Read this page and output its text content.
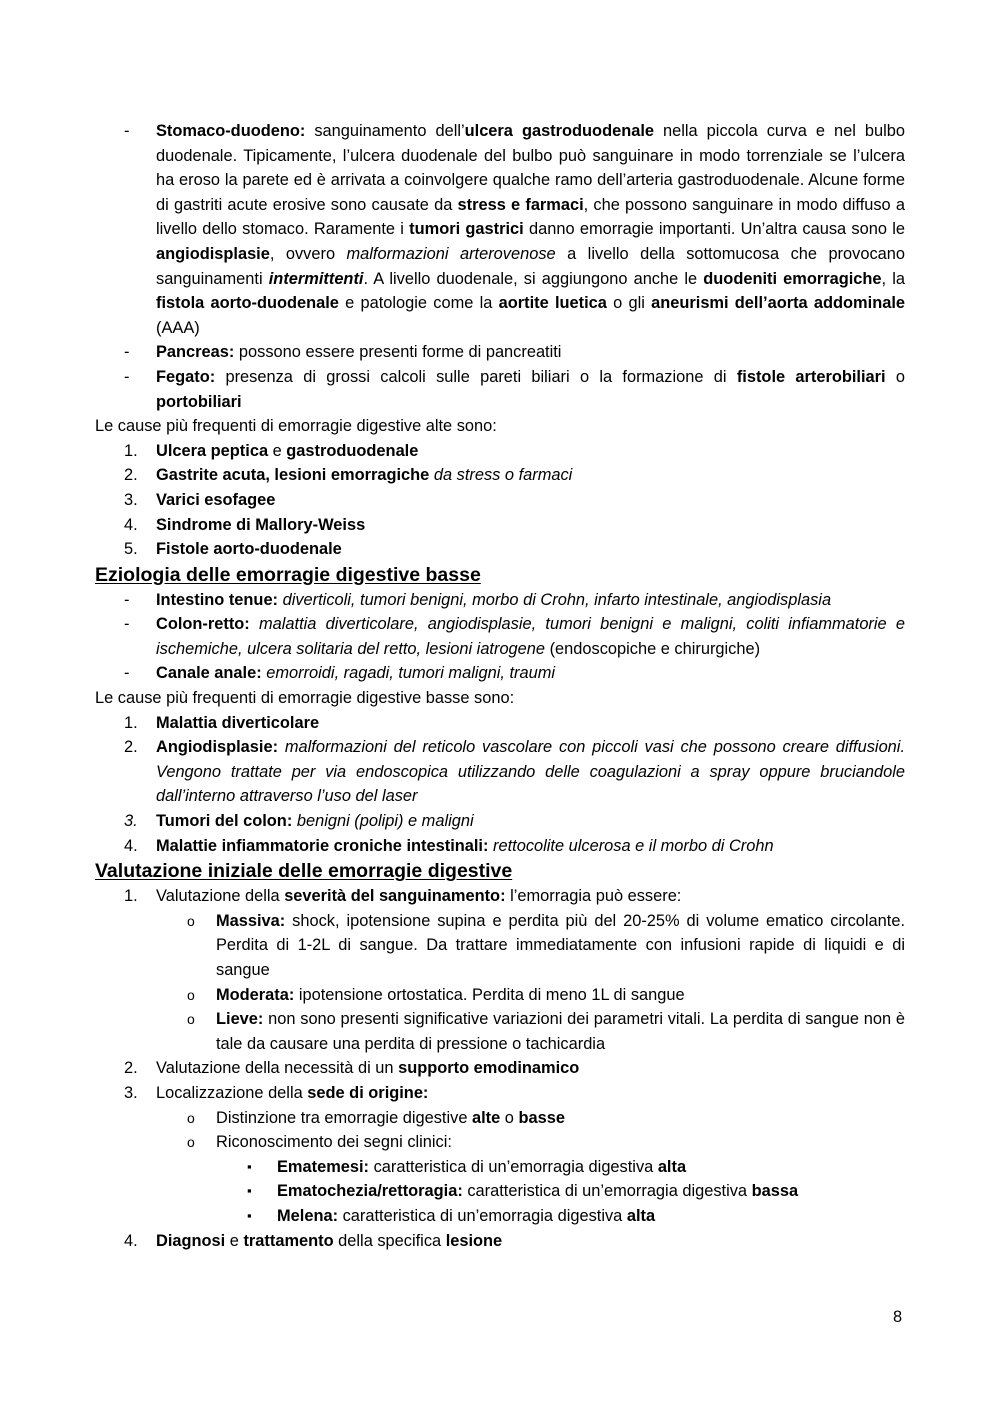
- Stomaco-duodeno: sanguinamento dell’ulcera gastroduodenale nella piccola curva e nel bulbo duodenale. Tipicamente, l’ulcera duodenale del bulbo può sanguinare in modo torrenziale se l’ulcera ha eroso la parete ed è arrivata a coinvolgere qualche ramo dell’arteria gastroduodenale. Alcune forme di gastriti acute erosive sono causate da stress e farmaci, che possono sanguinare in modo diffuso a livello dello stomaco. Raramente i tumori gastrici danno emorragie importanti. Un’altra causa sono le angiodisplasie, ovvero malformazioni arterovenose a livello della sottomucosa che provocano sanguinamenti intermittenti. A livello duodenale, si aggiungono anche le duodeniti emorragiche, la fistola aorto-duodenale e patologie come la aortite luetica o gli aneurismi dell’aorta addominale (AAA)
- Pancreas: possono essere presenti forme di pancreatiti
- Fegato: presenza di grossi calcoli sulle pareti biliari o la formazione di fistole arterobiliari o portobiliari

Le cause più frequenti di emorragie digestive alte sono:

1. Ulcera peptica e gastroduodenale
2. Gastrite acuta, lesioni emorragiche da stress o farmaci
3. Varici esofagee
4. Sindrome di Mallory-Weiss
5. Fistole aorto-duodenale
Eziologia delle emorragie digestive basse
- Intestino tenue: diverticoli, tumori benigni, morbo di Crohn, infarto intestinale, angiodisplasia
- Colon-retto: malattia diverticolare, angiodisplasie, tumori benigni e maligni, coliti infiammatorie e ischemiche, ulcera solitaria del retto, lesioni iatrogene (endoscopiche e chirurgiche)
- Canale anale: emorroidi, ragadi, tumori maligni, traumi

Le cause più frequenti di emorragie digestive basse sono:

1. Malattia diverticolare
2. Angiodisplasie: malformazioni del reticolo vascolare con piccoli vasi che possono creare diffusioni. Vengono trattate per via endoscopica utilizzando delle coagulazioni a spray oppure bruciandole dall’interno attraverso l’uso del laser
3. Tumori del colon: benigni (polipi) e maligni
4. Malattie infiammatorie croniche intestinali: rettocolite ulcerosa e il morbo di Crohn
Valutazione iniziale delle emorragie digestive
1. Valutazione della severità del sanguinamento: l’emorragia può essere:
o Massiva: shock, ipotensione supina e perdita più del 20-25% di volume ematico circolante. Perdita di 1-2L di sangue. Da trattare immediatamente con infusioni rapide di liquidi e di sangue
o Moderata: ipotensione ortostatica. Perdita di meno 1L di sangue
o Lieve: non sono presenti significative variazioni dei parametri vitali. La perdita di sangue non è tale da causare una perdita di pressione o tachicardia
2. Valutazione della necessità di un supporto emodinamico
3. Localizzazione della sede di origine:
o Distinzione tra emorragie digestive alte o basse
o Riconoscimento dei segni clinici:
▪ Ematemesi: caratteristica di un’emorragia digestiva alta
▪ Ematochezia/rettoragia: caratteristica di un’emorragia digestiva bassa
▪ Melena: caratteristica di un’emorragia digestiva alta
4. Diagnosi e trattamento della specifica lesione
8
